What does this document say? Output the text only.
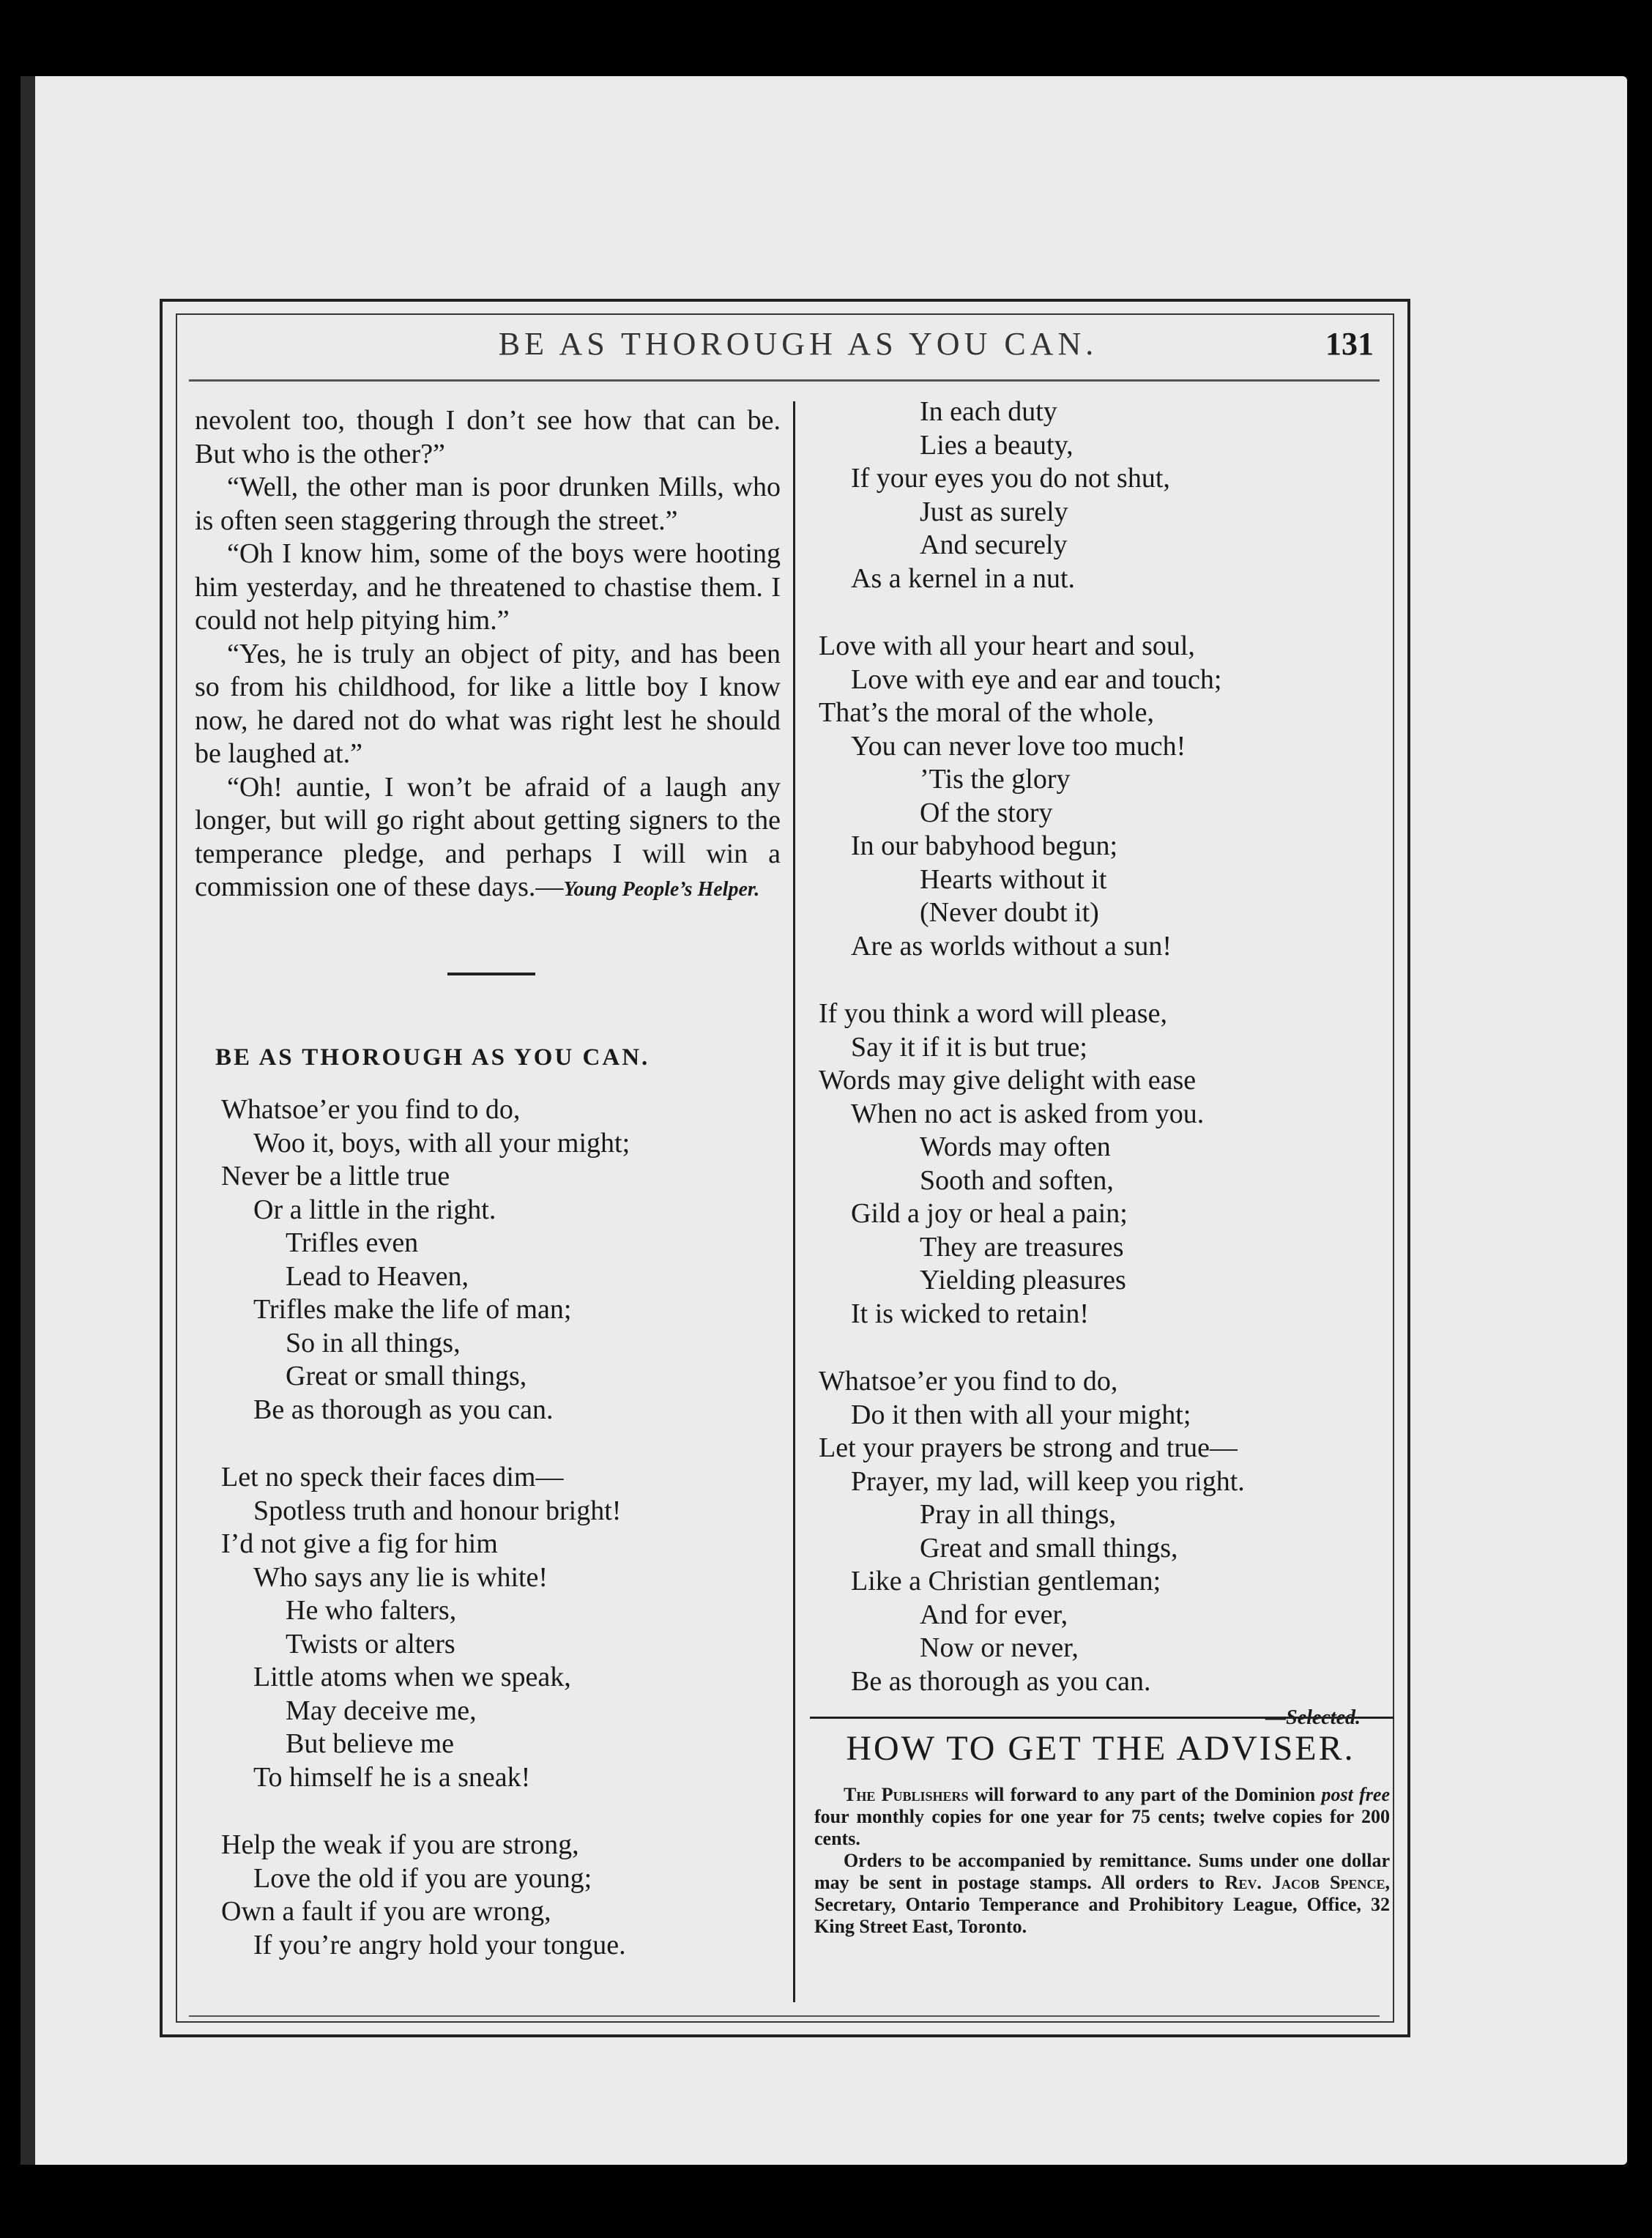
BE AS THOROUGH AS YOU CAN.	131

nevolent too, though I don’t see how that can be. But who is the other?”

“Well, the other man is poor drunken Mills, who is often seen staggering through the street.”

“Oh I know him, some of the boys were hooting him yesterday, and he threatened to chastise them. I could not help pitying him.”

“Yes, he is truly an object of pity, and has been so from his childhood, for like a little boy I know now, he dared not do what was right lest he should be laughed at.”

“Oh! auntie, I won’t be afraid of a laugh any longer, but will go right about getting signers to the temperance pledge, and perhaps I will win a commission one of these days.—Young People’s Helper.

BE AS THOROUGH AS YOU CAN.
Whatsoe’er you find to do,
Woo it, boys, with all your might;
Never be a little true
Or a little in the right.
Trifles even
Lead to Heaven,
Trifles make the life of man;
So in all things,
Great or small things,
Be as thorough as you can.
Let no speck their faces dim—
Spotless truth and honour bright!
I’d not give a fig for him
Who says any lie is white!
He who falters,
Twists or alters
Little atoms when we speak,
May deceive me,
But believe me
To himself he is a sneak!
Help the weak if you are strong,
Love the old if you are young;
Own a fault if you are wrong,
If you’re angry hold your tongue.
In each duty
Lies a beauty,
If your eyes you do not shut,
Just as surely
And securely
As a kernel in a nut.
Love with all your heart and soul,
Love with eye and ear and touch;
That’s the moral of the whole,
You can never love too much!
’Tis the glory
Of the story
In our babyhood begun;
Hearts without it
(Never doubt it)
Are as worlds without a sun!
If you think a word will please,
Say it if it is but true;
Words may give delight with ease
When no act is asked from you.
Words may often
Sooth and soften,
Gild a joy or heal a pain;
They are treasures
Yielding pleasures
It is wicked to retain!
Whatsoe’er you find to do,
Do it then with all your might;
Let your prayers be strong and true—
Prayer, my lad, will keep you right.
Pray in all things,
Great and small things,
Like a Christian gentleman;
And for ever,
Now or never,
Be as thorough as you can.
—Selected.
HOW TO GET THE ADVISER.

The Publishers will forward to any part of the Dominion post free four monthly copies for one year for 75 cents; twelve copies for 200 cents.

Orders to be accompanied by remittance. Sums under one dollar may be sent in postage stamps. All orders to Rev. Jacob Spence, Secretary, Ontario Temperance and Prohibitory League, Office, 32 King Street East, Toronto.
